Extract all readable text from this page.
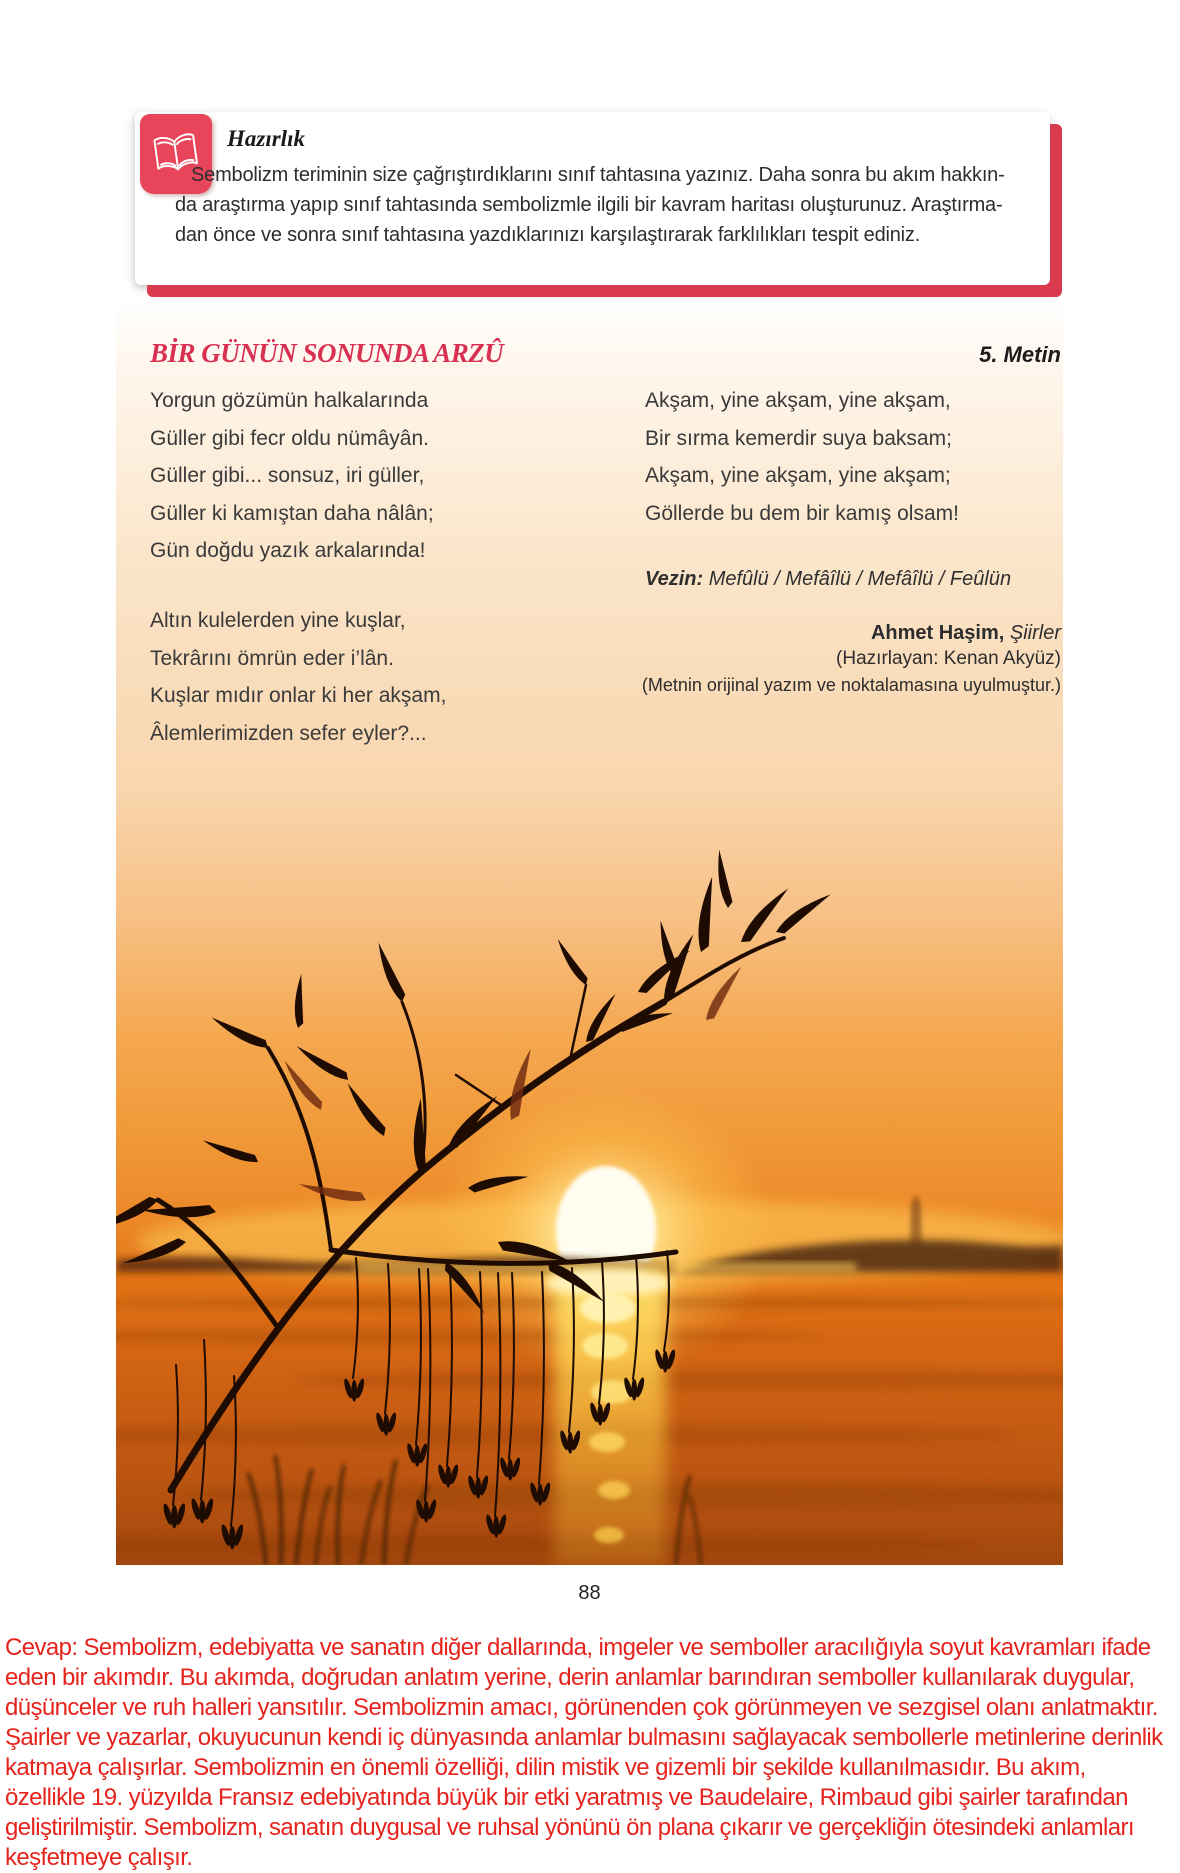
Hazırlık
Sembolizm teriminin size çağrıştırdıklarını sınıf tahtasına yazınız. Daha sonra bu akım hakkın-
da araştırma yapıp sınıf tahtasında sembolizmle ilgili bir kavram haritası oluşturunuz. Araştırma-
dan önce ve sonra sınıf tahtasına yazdıklarınızı karşılaştırarak farklılıkları tespit ediniz.
BİR GÜNÜN SONUNDA ARZÛ	5. Metin
Yorgun gözümün halkalarında
Güller gibi fecr oldu nümâyân.
Güller gibi... sonsuz, iri güller,
Güller ki kamıştan daha nâlân;
Gün doğdu yazık arkalarında!
Altın kulelerden yine kuşlar,
Tekrârını ömrün eder i’lân.
Kuşlar mıdır onlar ki her akşam,
Âlemlerimizden sefer eyler?...
Akşam, yine akşam, yine akşam,
Bir sırma kemerdir suya baksam;
Akşam, yine akşam, yine akşam;
Göllerde bu dem bir kamış olsam!
Vezin: Mefûlü / Mefâîlü / Mefâîlü / Feûlün
Ahmet Haşim, Şiirler
(Hazırlayan: Kenan Akyüz)
(Metnin orijinal yazım ve noktalamasına uyulmuştur.)
88
Cevap: Sembolizm, edebiyatta ve sanatın diğer dallarında, imgeler ve semboller aracılığıyla soyut kavramları ifade
eden bir akımdır. Bu akımda, doğrudan anlatım yerine, derin anlamlar barındıran semboller kullanılarak duygular,
düşünceler ve ruh halleri yansıtılır. Sembolizmin amacı, görünenden çok görünmeyen ve sezgisel olanı anlatmaktır.
Şairler ve yazarlar, okuyucunun kendi iç dünyasında anlamlar bulmasını sağlayacak sembollerle metinlerine derinlik
katmaya çalışırlar. Sembolizmin en önemli özelliği, dilin mistik ve gizemli bir şekilde kullanılmasıdır. Bu akım,
özellikle 19. yüzyılda Fransız edebiyatında büyük bir etki yaratmış ve Baudelaire, Rimbaud gibi şairler tarafından
geliştirilmiştir. Sembolizm, sanatın duygusal ve ruhsal yönünü ön plana çıkarır ve gerçekliğin ötesindeki anlamları
keşfetmeye çalışır.
